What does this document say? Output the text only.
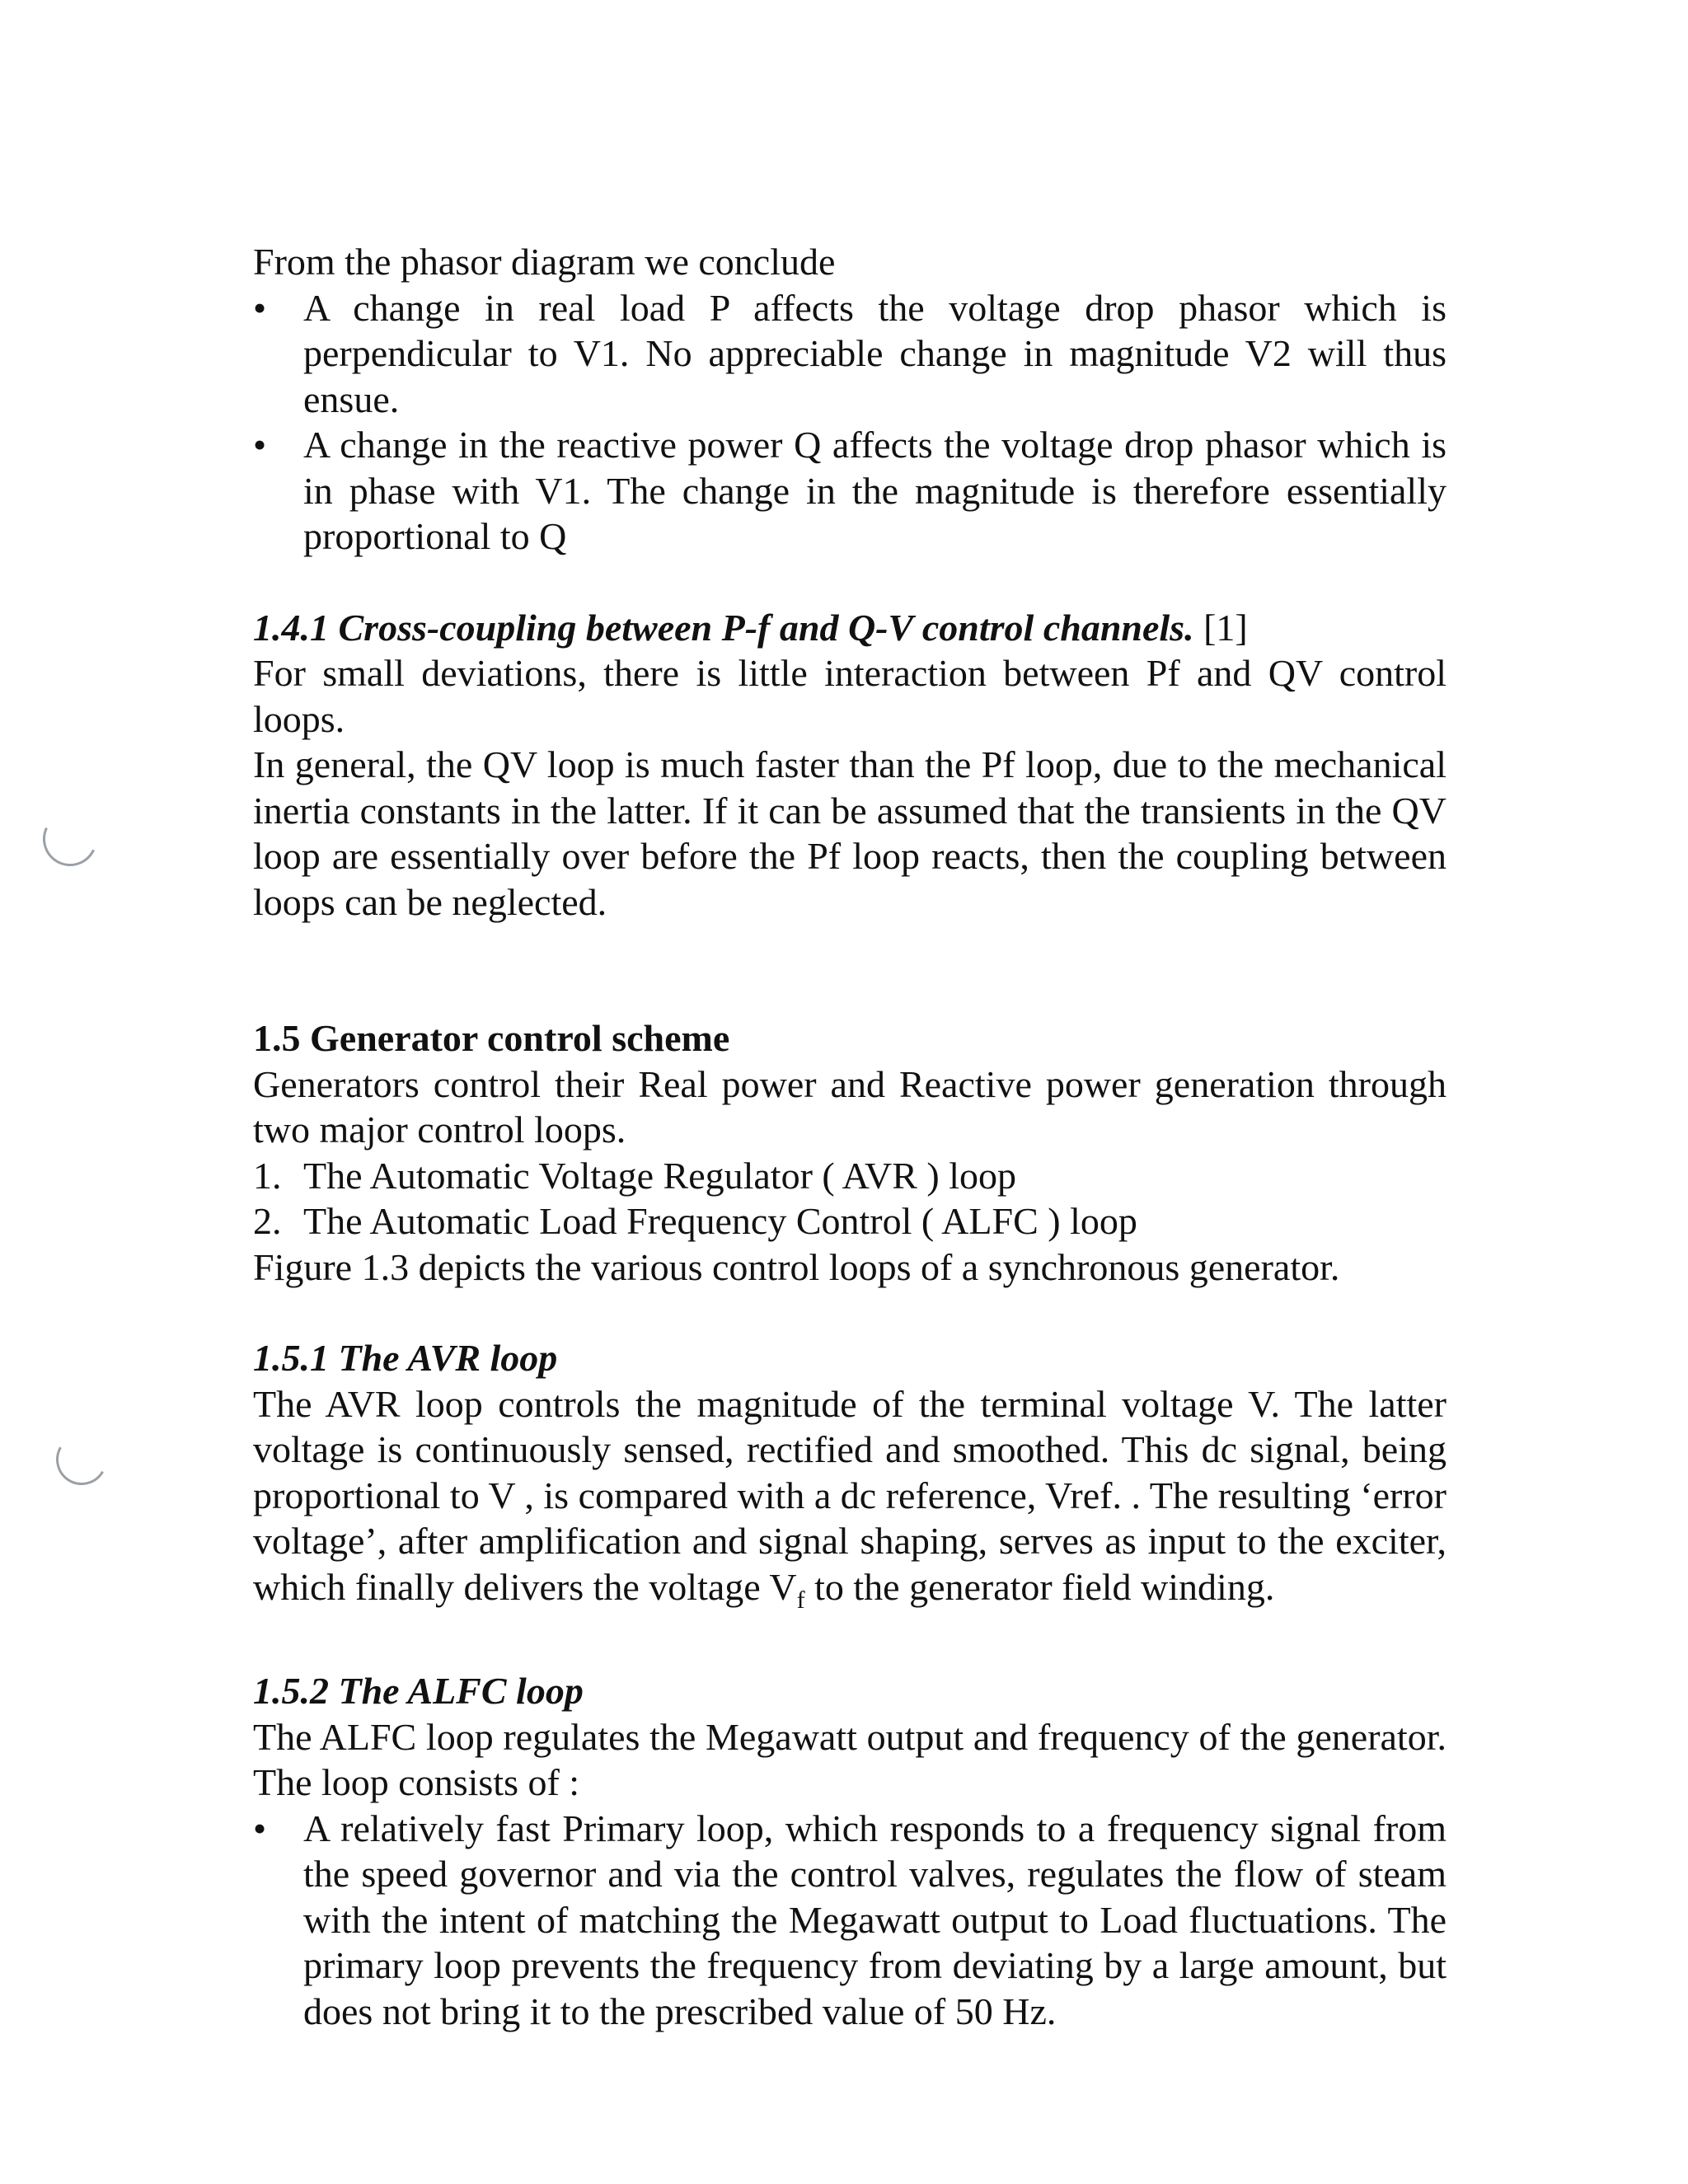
From the phasor diagram we conclude

• A change in real load P affects the voltage drop phasor which is perpendicular to V1. No appreciable change in magnitude V2 will thus ensue.

• A change in the reactive power Q affects the voltage drop phasor which is in phase with V1. The change in the magnitude is therefore essentially proportional to Q

1.4.1 Cross-coupling between P-f and Q-V control channels. [1]

For small deviations, there is little interaction between Pf and QV control loops.

In general, the QV loop is much faster than the Pf loop, due to the mechanical inertia constants in the latter. If it can be assumed that the transients in the QV loop are essentially over before the Pf loop reacts, then the coupling between loops can be neglected.

1.5 Generator control scheme

Generators control their Real power and Reactive power generation through two major control loops.

1. The Automatic Voltage Regulator ( AVR ) loop

2. The Automatic Load Frequency Control ( ALFC ) loop

Figure 1.3 depicts the various control loops of a synchronous generator.

1.5.1 The AVR loop

The AVR loop controls the magnitude of the terminal voltage V. The latter voltage is continuously sensed, rectified and smoothed. This dc signal, being proportional to V , is compared with a dc reference, Vref. . The resulting ‘error voltage’, after amplification and signal shaping, serves as input to the exciter, which finally delivers the voltage $V_f$ to the generator field winding.

1.5.2 The ALFC loop

The ALFC loop regulates the Megawatt output and frequency of the generator. The loop consists of :

• A relatively fast Primary loop, which responds to a frequency signal from the speed governor and via the control valves, regulates the flow of steam with the intent of matching the Megawatt output to Load fluctuations. The primary loop prevents the frequency from deviating by a large amount, but does not bring it to the prescribed value of 50 Hz.
